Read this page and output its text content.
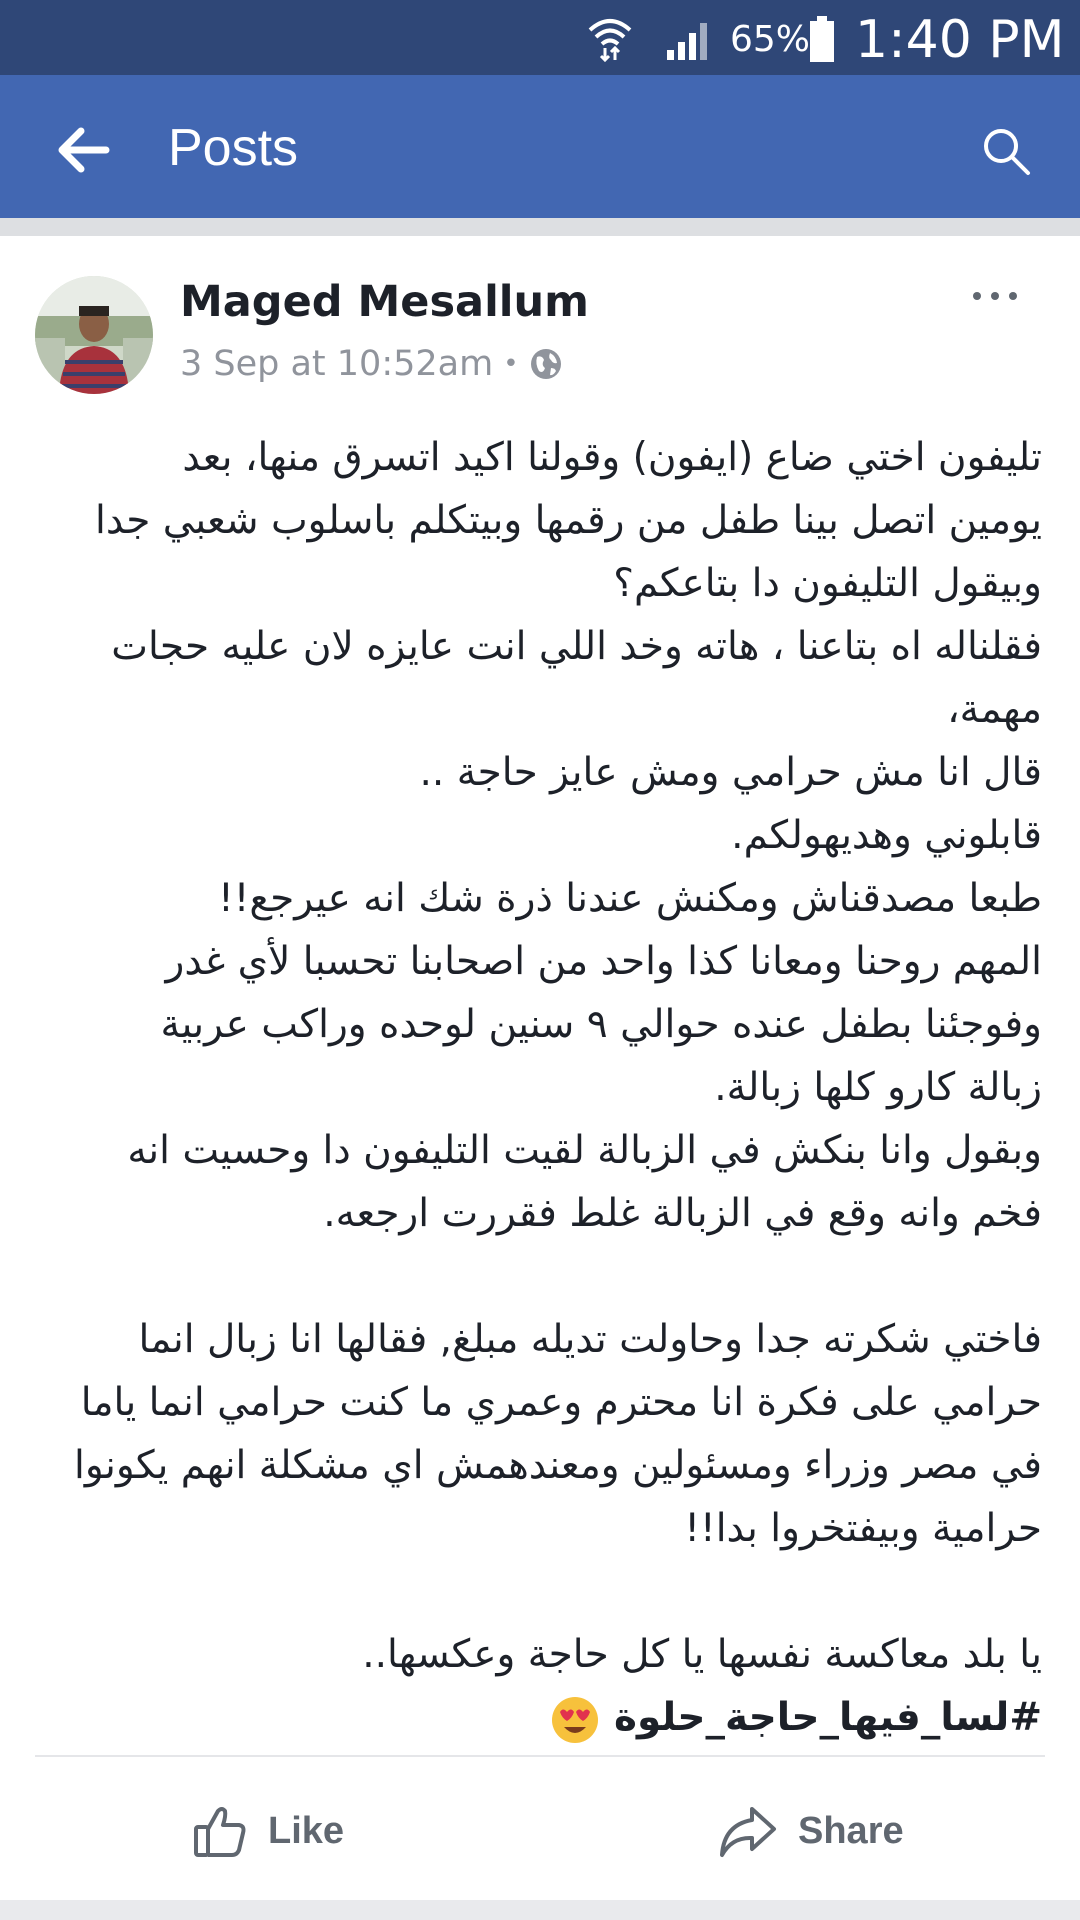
65% 1:40 PM
Posts
Maged Mesallum
3 Sep at 10:52am •

تليفون اختي ضاع (ايفون) وقولنا اكيد اتسرق منها، بعد

يومين اتصل بينا طفل من رقمها وبيتكلم باسلوب شعبي جدا

وبيقول التليفون دا بتاعكم؟

فقلناله اه بتاعنا ، هاته وخد اللي انت عايزه لان عليه حجات

مهمة،

قال انا مش حرامي ومش عايز حاجة ..

قابلوني وهديهولكم.

طبعا مصدقناش ومكنش عندنا ذرة شك انه عيرجع!!

المهم روحنا ومعانا كذا واحد من اصحابنا تحسبا لأي غدر

وفوجئنا بطفل عنده حوالي ٩ سنين لوحده وراكب عربية

زبالة كارو كلها زبالة.

وبقول وانا بنكش في الزبالة لقيت التليفون دا وحسيت انه

فخم وانه وقع في الزبالة غلط فقررت ارجعه.

فاختي شكرته جدا وحاولت تديله مبلغ, فقالها انا زبال انما

حرامي على فكرة انا محترم وعمري ما كنت حرامي انما ياما

في مصر وزراء ومسئولين ومعندهمش اي مشكلة انهم يكونوا

حرامية وبيفتخروا بدا!!

يا بلد معاكسة نفسها يا كل حاجة وعكسها..

#لسا_فيها_حاجة_حلوة

Like	Share
